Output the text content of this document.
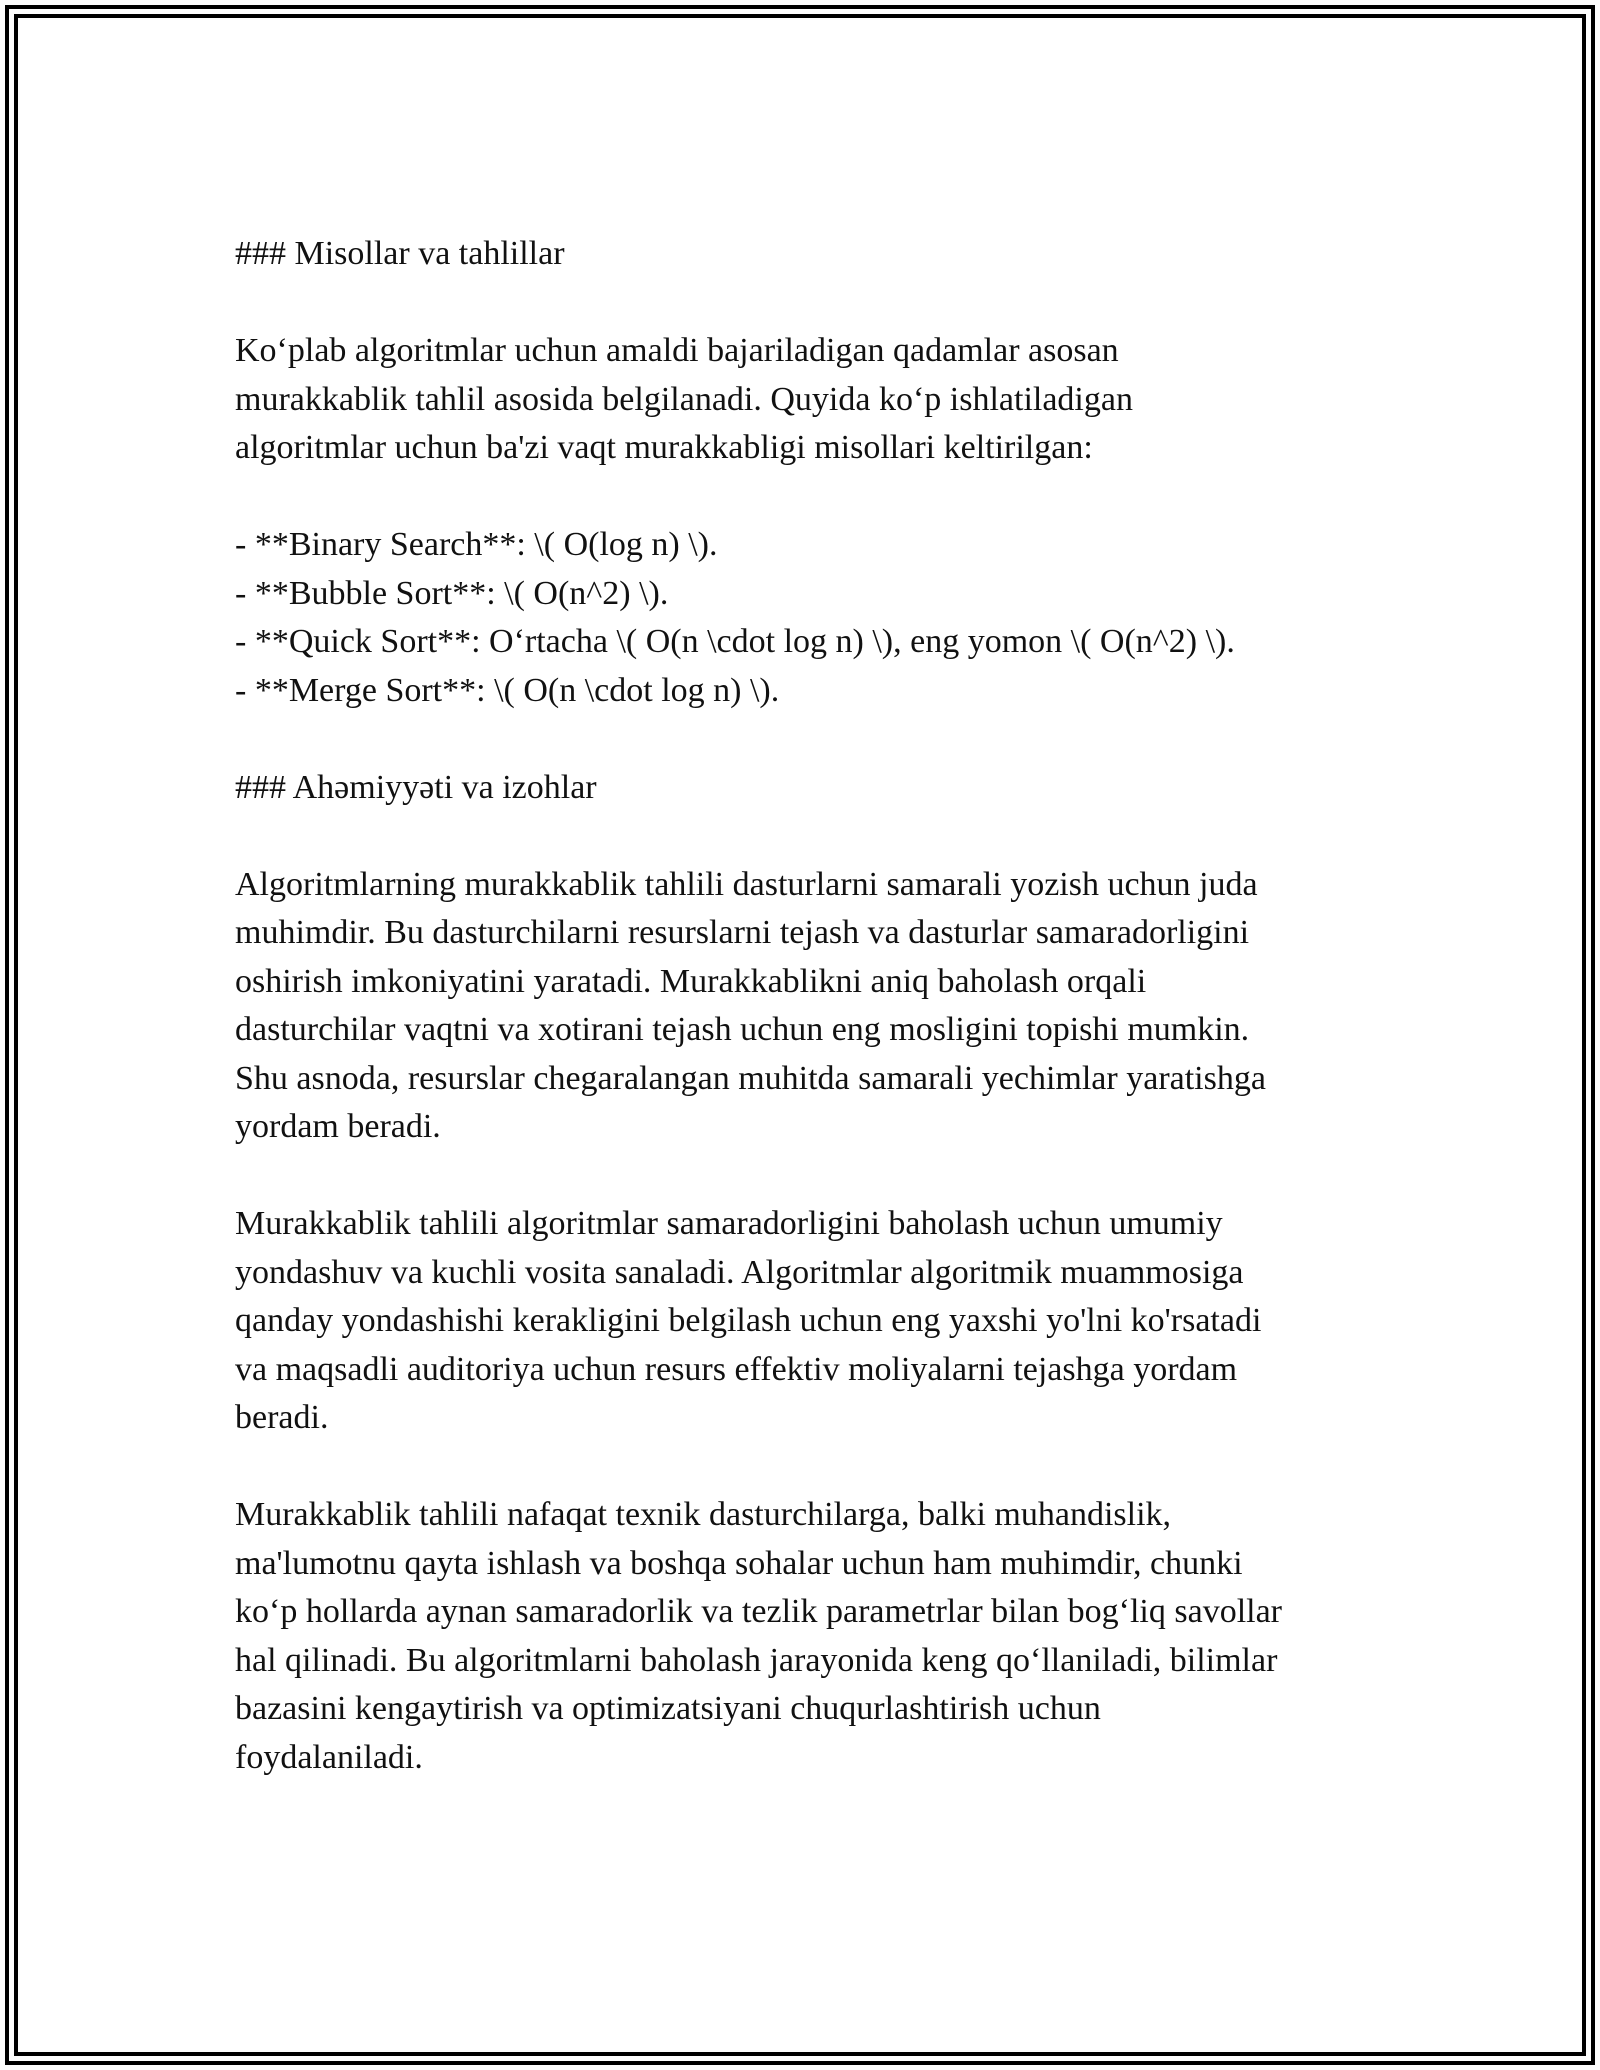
### Misollar va tahlillar

Ko‘plab algoritmlar uchun amaldi bajariladigan qadamlar asosan
murakkablik tahlil asosida belgilanadi. Quyida ko‘p ishlatiladigan
algoritmlar uchun ba'zi vaqt murakkabligi misollari keltirilgan:

- **Binary Search**: \( O(log n) \).
- **Bubble Sort**: \( O(n^2) \).
- **Quick Sort**: O‘rtacha \( O(n \cdot log n) \), eng yomon \( O(n^2) \).
- **Merge Sort**: \( O(n \cdot log n) \).

### Ahəmiyyəti va izohlar

Algoritmlarning murakkablik tahlili dasturlarni samarali yozish uchun juda
muhimdir. Bu dasturchilarni resurslarni tejash va dasturlar samaradorligini
oshirish imkoniyatini yaratadi. Murakkablikni aniq baholash orqali
dasturchilar vaqtni va xotirani tejash uchun eng mosligini topishi mumkin.
Shu asnoda, resurslar chegaralangan muhitda samarali yechimlar yaratishga
yordam beradi.

Murakkablik tahlili algoritmlar samaradorligini baholash uchun umumiy
yondashuv va kuchli vosita sanaladi. Algoritmlar algoritmik muammosiga
qanday yondashishi kerakligini belgilash uchun eng yaxshi yo'lni ko'rsatadi
va maqsadli auditoriya uchun resurs effektiv moliyalarni tejashga yordam
beradi.

Murakkablik tahlili nafaqat texnik dasturchilarga, balki muhandislik,
ma'lumotnu qayta ishlash va boshqa sohalar uchun ham muhimdir, chunki
ko‘p hollarda aynan samaradorlik va tezlik parametrlar bilan bog‘liq savollar
hal qilinadi. Bu algoritmlarni baholash jarayonida keng qo‘llaniladi, bilimlar
bazasini kengaytirish va optimizatsiyani chuqurlashtirish uchun
foydalaniladi.
